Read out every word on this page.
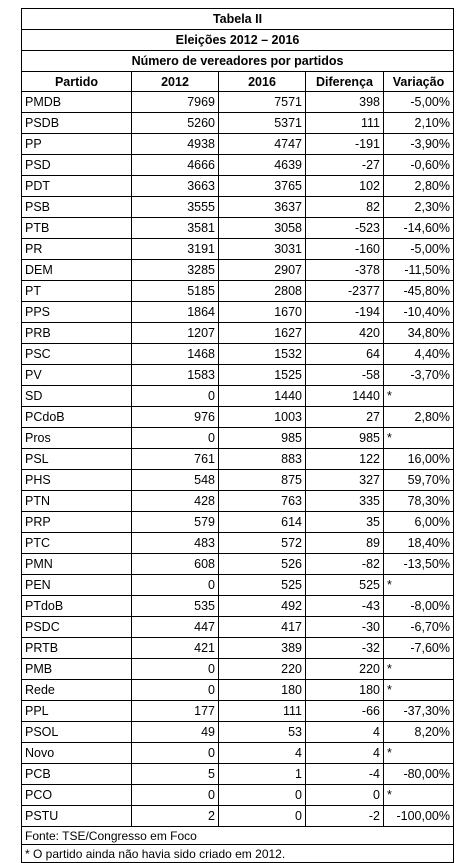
Tabela II				
Eleições 2012 – 2016				
Número de vereadores por partidos				
Partido	2012	2016	Diferença	Variação
PMDB	7969	7571	398	-5,00%
PSDB	5260	5371	111	2,10%
PP	4938	4747	-191	-3,90%
PSD	4666	4639	-27	-0,60%
PDT	3663	3765	102	2,80%
PSB	3555	3637	82	2,30%
PTB	3581	3058	-523	-14,60%
PR	3191	3031	-160	-5,00%
DEM	3285	2907	-378	-11,50%
PT	5185	2808	-2377	-45,80%
PPS	1864	1670	-194	-10,40%
PRB	1207	1627	420	34,80%
PSC	1468	1532	64	4,40%
PV	1583	1525	-58	-3,70%
SD	0	1440	1440	*
PCdoB	976	1003	27	2,80%
Pros	0	985	985	*
PSL	761	883	122	16,00%
PHS	548	875	327	59,70%
PTN	428	763	335	78,30%
PRP	579	614	35	6,00%
PTC	483	572	89	18,40%
PMN	608	526	-82	-13,50%
PEN	0	525	525	*
PTdoB	535	492	-43	-8,00%
PSDC	447	417	-30	-6,70%
PRTB	421	389	-32	-7,60%
PMB	0	220	220	*
Rede	0	180	180	*
PPL	177	111	-66	-37,30%
PSOL	49	53	4	8,20%
Novo	0	4	4	*
PCB	5	1	-4	-80,00%
PCO	0	0	0	*
PSTU	2	0	-2	-100,00%
Fonte: TSE/Congresso em Foco				
* O partido ainda não havia sido criado em 2012.				
